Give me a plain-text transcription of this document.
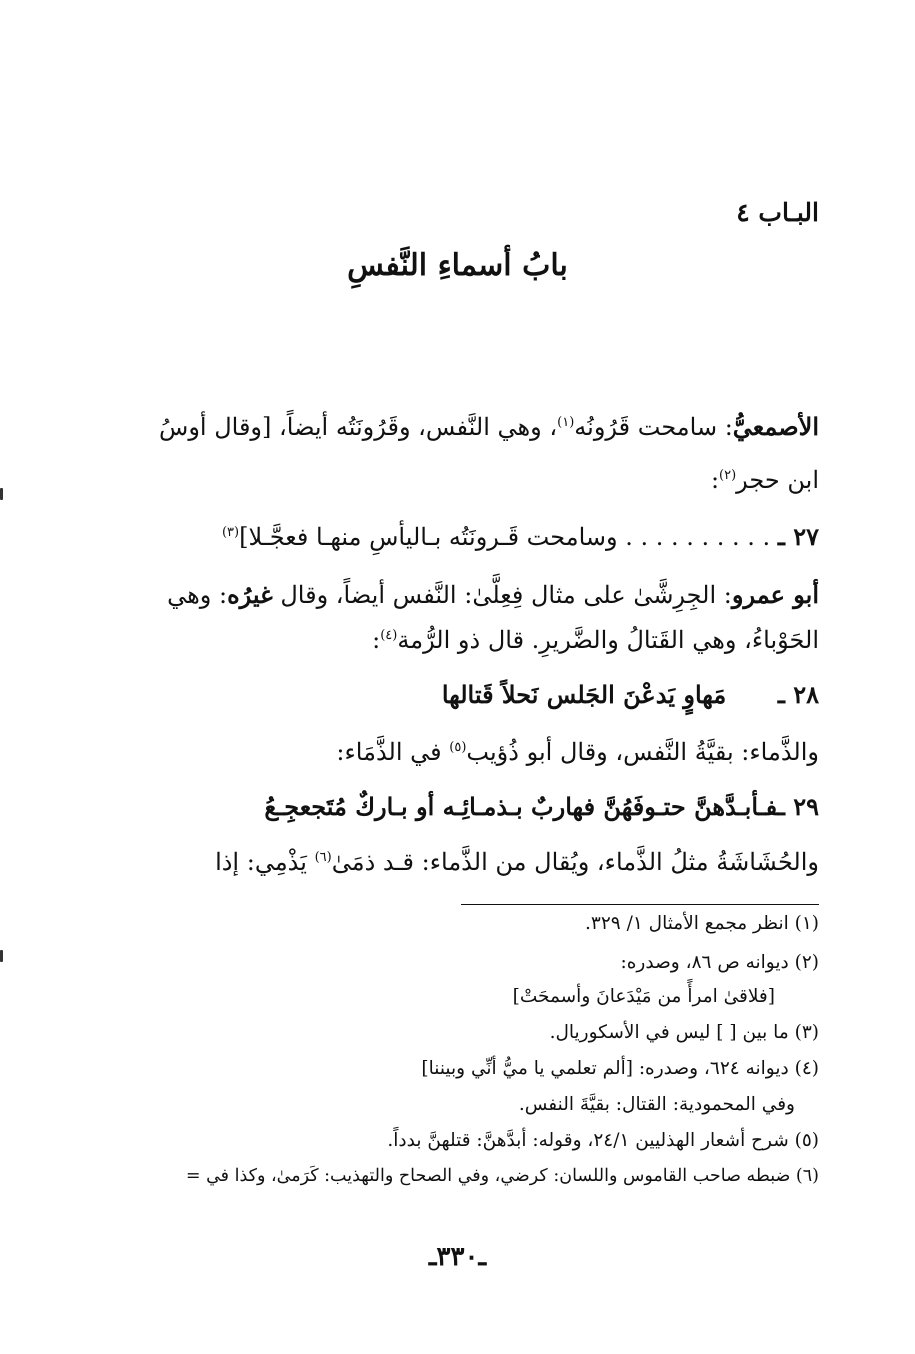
البـاب ٤
بابُ أسماءِ النَّفسِ
الأصمعيُّ: سامحت قَرُونُه$^{(١)}$، وهي النَّفس، وقَرُونَتُه أيضاً، [وقال أوسُ
ابن حجر$^{(٢)}$:
٢٧ ـ . . . . . . . . . . وسامحت قَـرونَتُه بـاليأسِ منهـا فعجَّـلا]$^{(٣)}$
أبو عمرو: الجِرِشَّىٰ على مثال فِعِلَّىٰ: النَّفس أيضاً، وقال غيرُه: وهي
الحَوْباءُ، وهي القَتالُ والضَّريرِ. قال ذو الرُّمة$^{(٤)}$:
٢٨ ـ مَهاوٍ يَدعْنَ الجَلس نَحلاً قَتالها
والذَّماء: بقيَّةُ النَّفس، وقال أبو ذُؤيب$^{(٥)}$ في الذَّمَاء:
٢٩ ـفـأبـدَّهنَّ حتـوفَهُنَّ فهاربٌ بـذمـائِـه أو بـاركٌ مُتَجعجِـعُ
والحُشَاشَةُ مثلُ الذَّماء، ويُقال من الذَّماء: قـد ذمَىٰ$^{(٦)}$ يَذْمِي: إذا
(١) انظر مجمع الأمثال ١/ ٣٢٩.
(٢) ديوانه ص ٨٦، وصدره:
[فلاقىٰ امرأً من مَيْدَعانَ وأسمحَتْ]
(٣) ما بين [ ] ليس في الأسكوريال.
(٤) ديوانه ٦٢٤، وصدره: [ألم تعلمي يا ميُّ أنِّي وبيننا]
وفي المحمودية: القتال: بقيَّةَ النفس.
(٥) شرح أشعار الهذليين ٢٤/١، وقوله: أبدَّهنَّ: قتلهنَّ بدداً.
(٦) ضبطه صاحب القاموس واللسان: كرضي، وفي الصحاح والتهذيب: كَرَمىٰ، وكذا في =
ـ٣٣٠ـ
